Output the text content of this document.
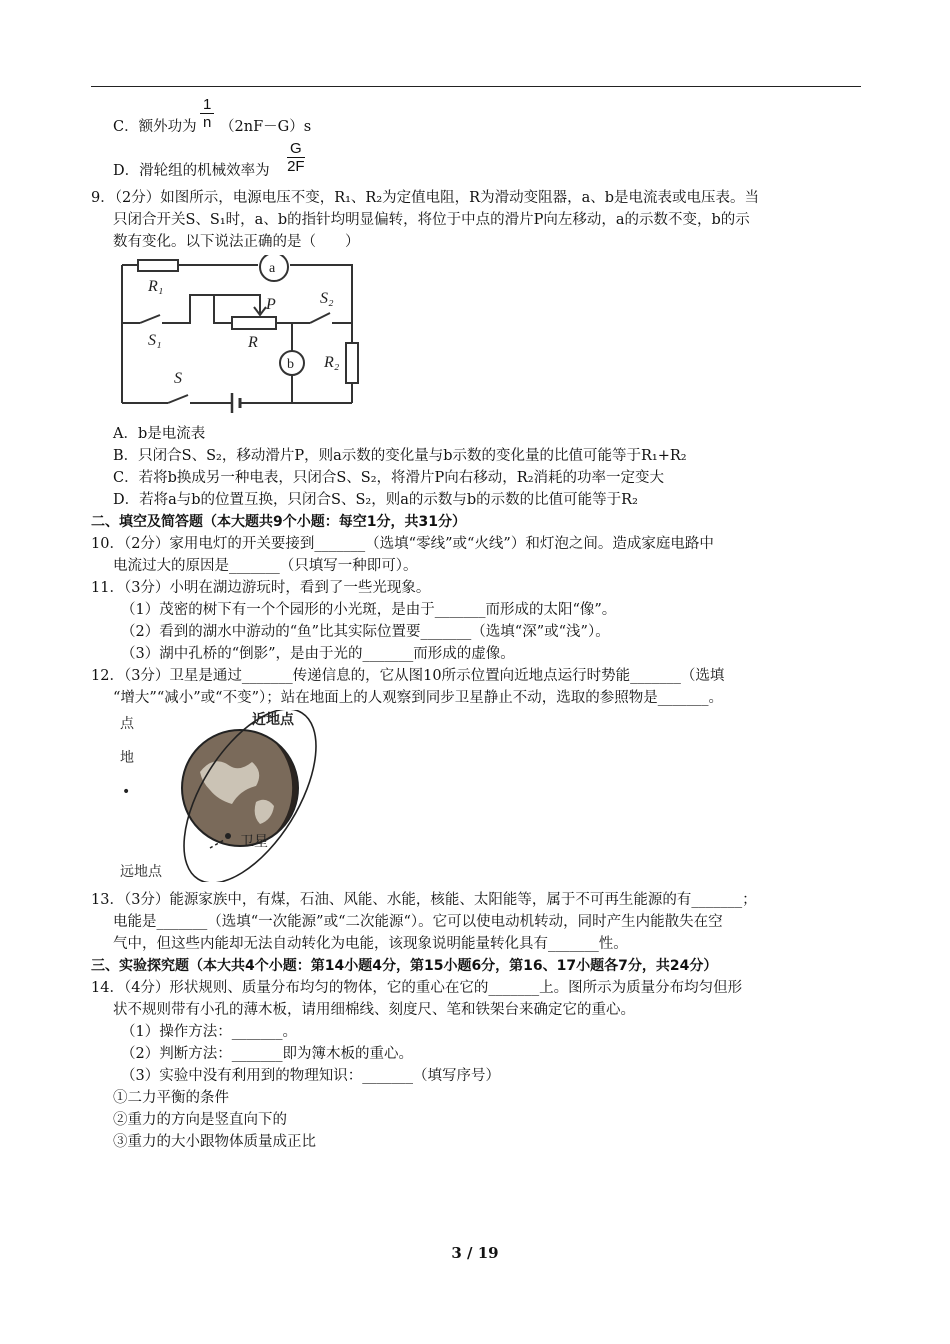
C．额外功为 $\frac{1}{n} (2nF-G)s$
D．滑轮组的机械效率为 $\frac{G}{2F}$
9．（2分）如图所示，电源电压不变，R₁、R₂为定值电阻，R为滑动变阻器，a、b是电流表或电压表。当
只闭合开关S、S₁时，a、b的指针均明显偏转，将位于中点的滑片P向左移动，a的示数不变，b的示
数有变化。以下说法正确的是（　　）
R₁
S₁
P
R
S₂
R₂
S
a
b
A．b是电流表
B．只闭合S、S₂，移动滑片P，则a示数的变化量与b示数的变化量的比值可能等于R₁+R₂
C．若将b换成另一种电表，只闭合S、S₂，将滑片P向右移动，R₂消耗的功率一定变大
D．若将a与b的位置互换，只闭合S、S₂，则a的示数与b的示数的比值可能等于R₂
二、填空及简答题（本大题共9个小题：每空1分，共31分）
10．（2分）家用电灯的开关要接到_______（选填“零线”或“火线”）和灯泡之间。造成家庭电路中
电流过大的原因是_______（只填写一种即可）。
11．（3分）小明在湖边游玩时，看到了一些光现象。
（1）茂密的树下有一个个园形的小光斑，是由于_______而形成的太阳“像”。
（2）看到的湖水中游动的“鱼”比其实际位置要_______（选填“深”或“浅”）。
（3）湖中孔桥的“倒影”，是由于光的_______而形成的虚像。
12．（3分）卫星是通过_______传递信息的，它从图10所示位置向近地点运行时势能_______（选填
“增大”“减小”或“不变”）；站在地面上的人观察到同步卫星静止不动，选取的参照物是_______。
近地点
点
地
•
卫星
远地点
13．（3分）能源家族中，有煤，石油、风能、水能，核能、太阳能等，属于不可再生能源的有_______；
电能是_______（选填“一次能源”或“二次能源“）。它可以使电动机转动，同时产生内能散失在空
气中，但这些内能却无法自动转化为电能，该现象说明能量转化具有_______性。
三、实验探究题（本大共4个小题：第14小题4分，第15小题6分，第16、17小题各7分，共24分）
14．（4分）形状规则、质量分布均匀的物体，它的重心在它的_______上。图所示为质量分布均匀但形
状不规则带有小孔的薄木板，请用细棉线、刻度尺、笔和铁架台来确定它的重心。
（1）操作方法：_______。
（2）判断方法：_______即为簿木板的重心。
（3）实验中没有利用到的物理知识：_______（填写序号）
①二力平衡的条件
②重力的方向是竖直向下的
③重力的大小跟物体质量成正比
3 / 19
